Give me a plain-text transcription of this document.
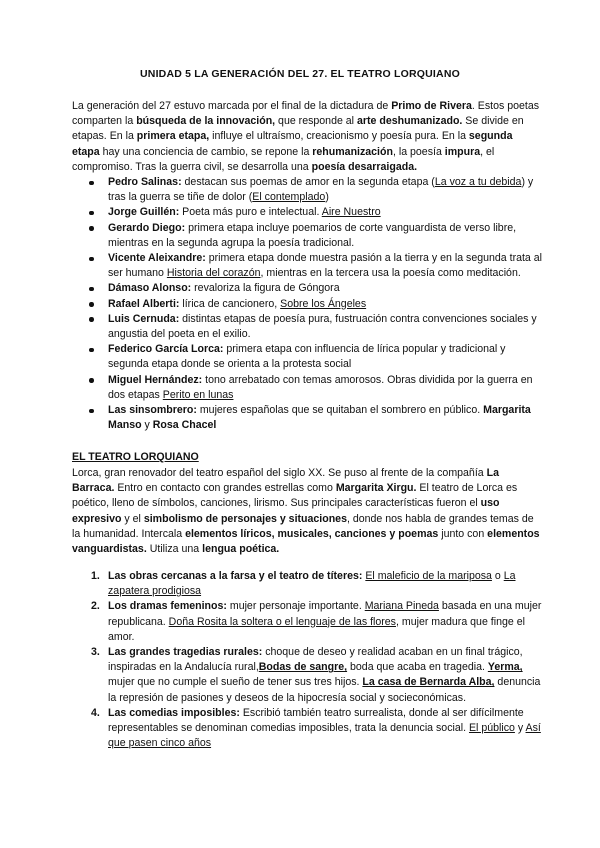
UNIDAD 5 LA GENERACIÓN DEL 27. EL TEATRO LORQUIANO

La generación del 27 estuvo marcada por el final de la dictadura de Primo de Rivera. Estos poetas comparten la búsqueda de la innovación, que responde al arte deshumanizado. Se divide en etapas. En la primera etapa, influye el ultraísmo, creacionismo y poesía pura. En la segunda etapa hay una conciencia de cambio, se repone la rehumanización, la poesía impura, el compromiso. Tras la guerra civil, se desarrolla una poesía desarraigada.

Pedro Salinas: destacan sus poemas de amor en la segunda etapa (La voz a tu debida) y tras la guerra se tiñe de dolor (El contemplado)
Jorge Guillén: Poeta más puro e intelectual. Aire Nuestro
Gerardo Diego: primera etapa incluye poemarios de corte vanguardista de verso libre, mientras en la segunda agrupa la poesía tradicional.
Vicente Aleixandre: primera etapa donde muestra pasión a la tierra y en la segunda trata al ser humano Historia del corazón, mientras en la tercera usa la poesía como meditación.
Dámaso Alonso: revaloriza la figura de Góngora
Rafael Alberti: lírica de cancionero, Sobre los Ángeles
Luis Cernuda: distintas etapas de poesía pura, fustruación contra convenciones sociales y angustia del poeta en el exilio.
Federico García Lorca: primera etapa con influencia de lírica popular y tradicional y segunda etapa donde se orienta a la protesta social
Miguel Hernández: tono arrebatado con temas amorosos. Obras dividida por la guerra en dos etapas Perito en lunas
Las sinsombrero: mujeres españolas que se quitaban el sombrero en público. Margarita Manso y Rosa Chacel
EL TEATRO LORQUIANO

Lorca, gran renovador del teatro español del siglo XX. Se puso al frente de la compañía La Barraca. Entro en contacto con grandes estrellas como Margarita Xirgu. El teatro de Lorca es poético, lleno de símbolos, canciones, lirismo. Sus principales características fueron el uso expresivo y el simbolismo de personajes y situaciones, donde nos habla de grandes temas de la humanidad. Intercala elementos líricos, musicales, canciones y poemas junto con elementos vanguardistas. Utiliza una lengua poética.

1. Las obras cercanas a la farsa y el teatro de títeres: El maleficio de la mariposa o La zapatera prodigiosa
2. Los dramas femeninos: mujer personaje importante. Mariana Pineda basada en una mujer republicana. Doña Rosita la soltera o el lenguaje de las flores, mujer madura que finge el amor.
3. Las grandes tragedias rurales: choque de deseo y realidad acaban en un final trágico, inspiradas en la Andalucía rural,Bodas de sangre, boda que acaba en tragedia. Yerma, mujer que no cumple el sueño de tener sus tres hijos. La casa de Bernarda Alba, denuncia la represión de pasiones y deseos de la hipocresía social y socieconómicas.
4. Las comedias imposibles: Escribió también teatro surrealista, donde al ser difícilmente representables se denominan comedias imposibles, trata la denuncia social. El público y Así que pasen cinco años
